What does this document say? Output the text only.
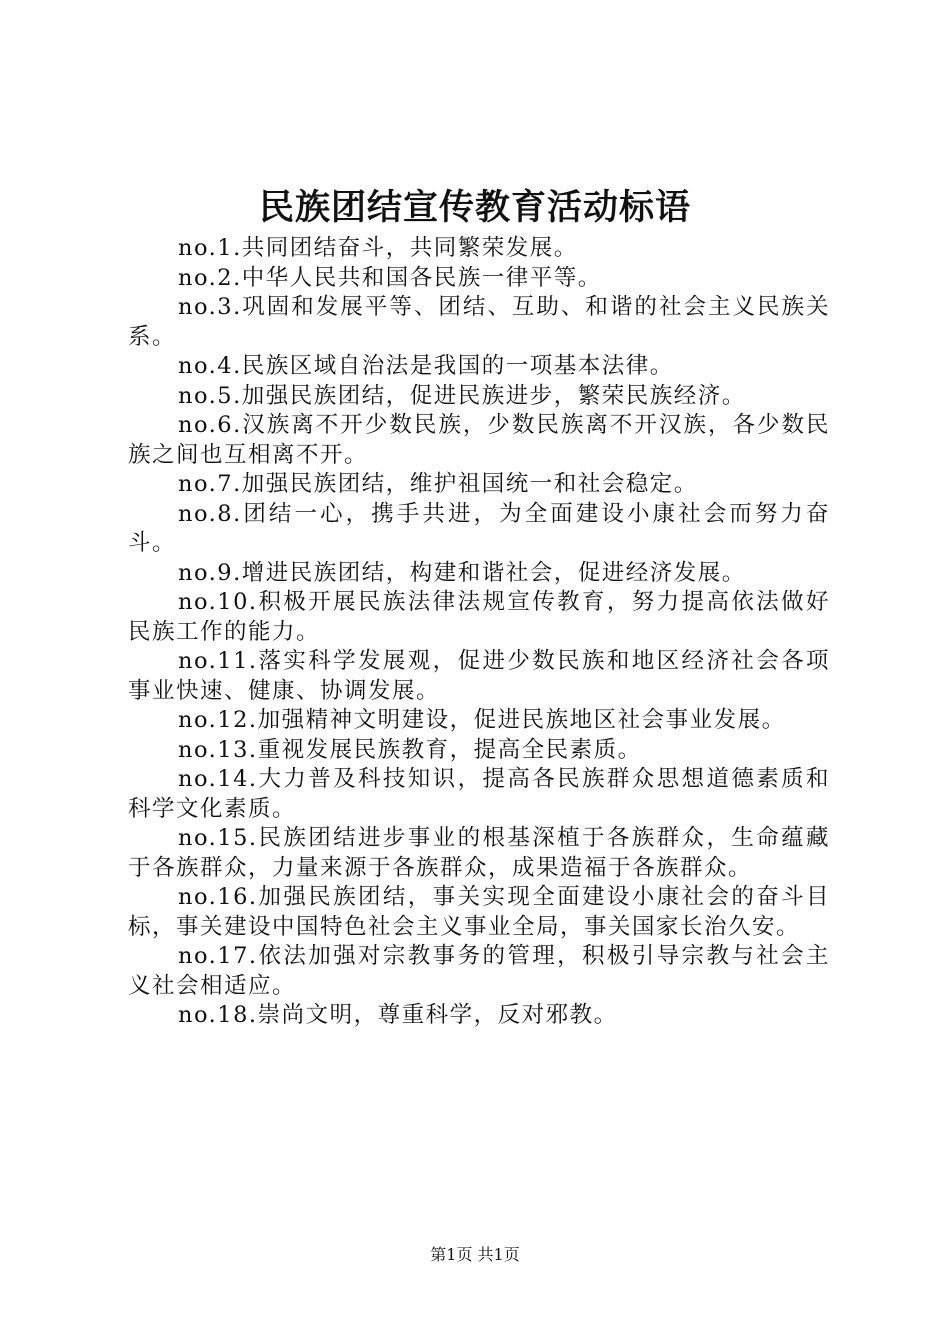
民族团结宣传教育活动标语

no.1.共同团结奋斗，共同繁荣发展。

no.2.中华人民共和国各民族一律平等。

no.3.巩固和发展平等、团结、互助、和谐的社会主义民族关系。

no.4.民族区域自治法是我国的一项基本法律。

no.5.加强民族团结，促进民族进步，繁荣民族经济。

no.6.汉族离不开少数民族，少数民族离不开汉族，各少数民族之间也互相离不开。

no.7.加强民族团结，维护祖国统一和社会稳定。

no.8.团结一心，携手共进，为全面建设小康社会而努力奋斗。

no.9.增进民族团结，构建和谐社会，促进经济发展。

no.10.积极开展民族法律法规宣传教育，努力提高依法做好民族工作的能力。

no.11.落实科学发展观，促进少数民族和地区经济社会各项事业快速、健康、协调发展。

no.12.加强精神文明建设，促进民族地区社会事业发展。

no.13.重视发展民族教育，提高全民素质。

no.14.大力普及科技知识，提高各民族群众思想道德素质和科学文化素质。

no.15.民族团结进步事业的根基深植于各族群众，生命蕴藏于各族群众，力量来源于各族群众，成果造福于各族群众。

no.16.加强民族团结，事关实现全面建设小康社会的奋斗目标，事关建设中国特色社会主义事业全局，事关国家长治久安。

no.17.依法加强对宗教事务的管理，积极引导宗教与社会主义社会相适应。

no.18.崇尚文明，尊重科学，反对邪教。

第1页 共1页
